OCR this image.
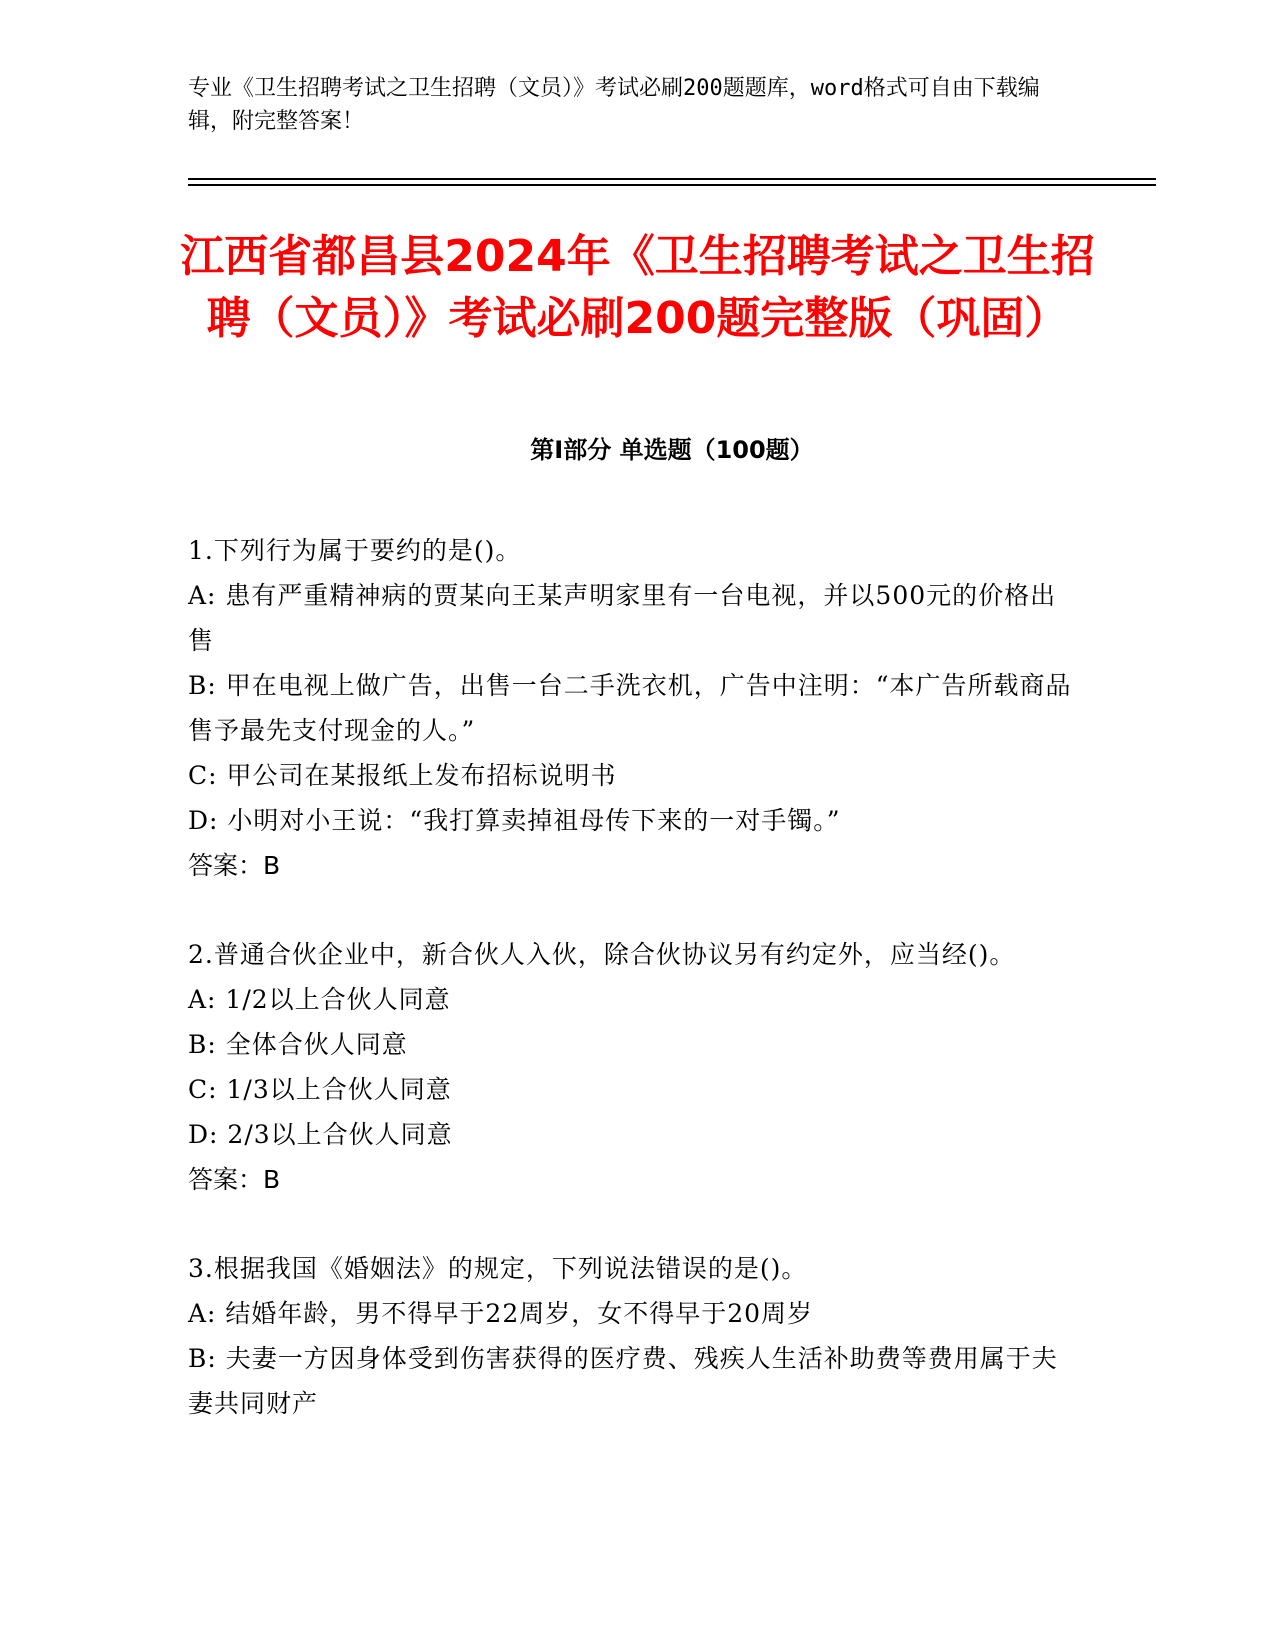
专业《卫生招聘考试之卫生招聘（文员）》考试必刷200题题库，word格式可自由下载编辑，附完整答案！
江西省都昌县2024年《卫生招聘考试之卫生招聘（文员）》考试必刷200题完整版（巩固）
第I部分 单选题（100题）
1.下列行为属于要约的是()。
A: 患有严重精神病的贾某向王某声明家里有一台电视，并以500元的价格出售
B: 甲在电视上做广告，出售一台二手洗衣机，广告中注明：“本广告所载商品售予最先支付现金的人。”
C: 甲公司在某报纸上发布招标说明书
D: 小明对小王说：“我打算卖掉祖母传下来的一对手镯。”
答案：B
2.普通合伙企业中，新合伙人入伙，除合伙协议另有约定外，应当经()。
A: 1/2以上合伙人同意
B: 全体合伙人同意
C: 1/3以上合伙人同意
D: 2/3以上合伙人同意
答案：B
3.根据我国《婚姻法》的规定，下列说法错误的是()。
A: 结婚年龄，男不得早于22周岁，女不得早于20周岁
B: 夫妻一方因身体受到伤害获得的医疗费、残疾人生活补助费等费用属于夫妻共同财产
